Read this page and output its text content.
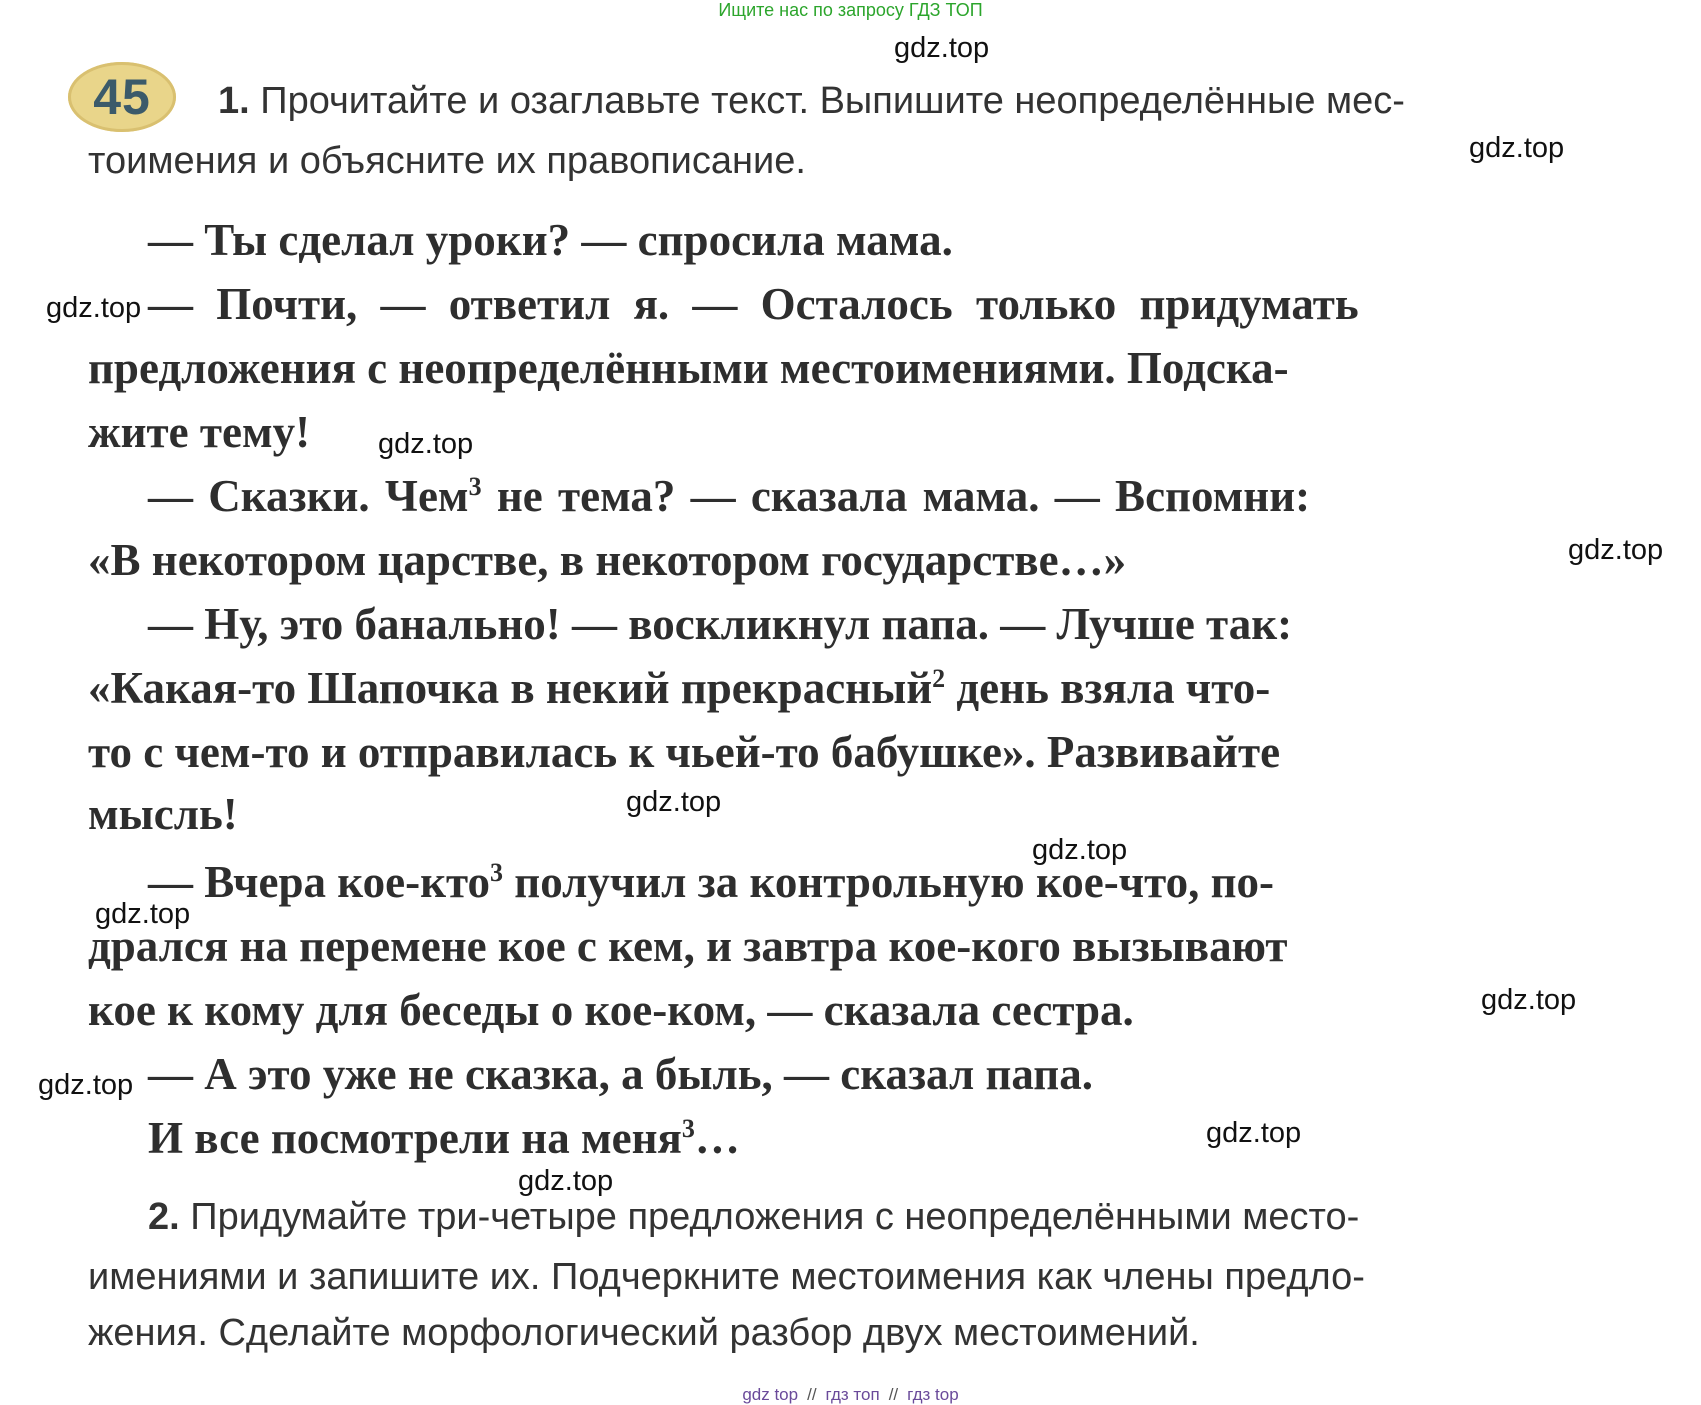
Ищите нас по запросу ГДЗ ТОП
45 1. Прочитайте и озаглавьте текст. Выпишите неопределённые мес-
тоимения и объясните их правописание.
— Ты сделал уроки? — спросила мама.
— Почти, — ответил я. — Осталось только придумать
предложения с неопределёнными местоимениями. Подска-
жите тему!
— Сказки. Чем$^3$ не тема? — сказала мама. — Вспомни:
«В некотором царстве, в некотором государстве…»
— Ну, это банально! — воскликнул папа. — Лучше так:
«Какая-то Шапочка в некий прекрасный$^2$ день взяла что-
то с чем-то и отправилась к чьей-то бабушке». Развивайте
мысль!
— Вчера кое-кто$^3$ получил за контрольную кое-что, по-
дрался на перемене кое с кем, и завтра кое-кого вызывают
кое к кому для беседы о кое-ком, — сказала сестра.
— А это уже не сказка, а быль, — сказал папа.
И все посмотрели на меня$^3$…
2. Придумайте три-четыре предложения с неопределёнными место-
имениями и запишите их. Подчеркните местоимения как члены предло-
жения. Сделайте морфологический разбор двух местоимений.
gdz.top
gdz.top
gdz.top
gdz.top
gdz.top
gdz.top
gdz.top
gdz.top
gdz.top
gdz.top
gdz.top
gdz.top
gdz top // гдз топ // гдз top
